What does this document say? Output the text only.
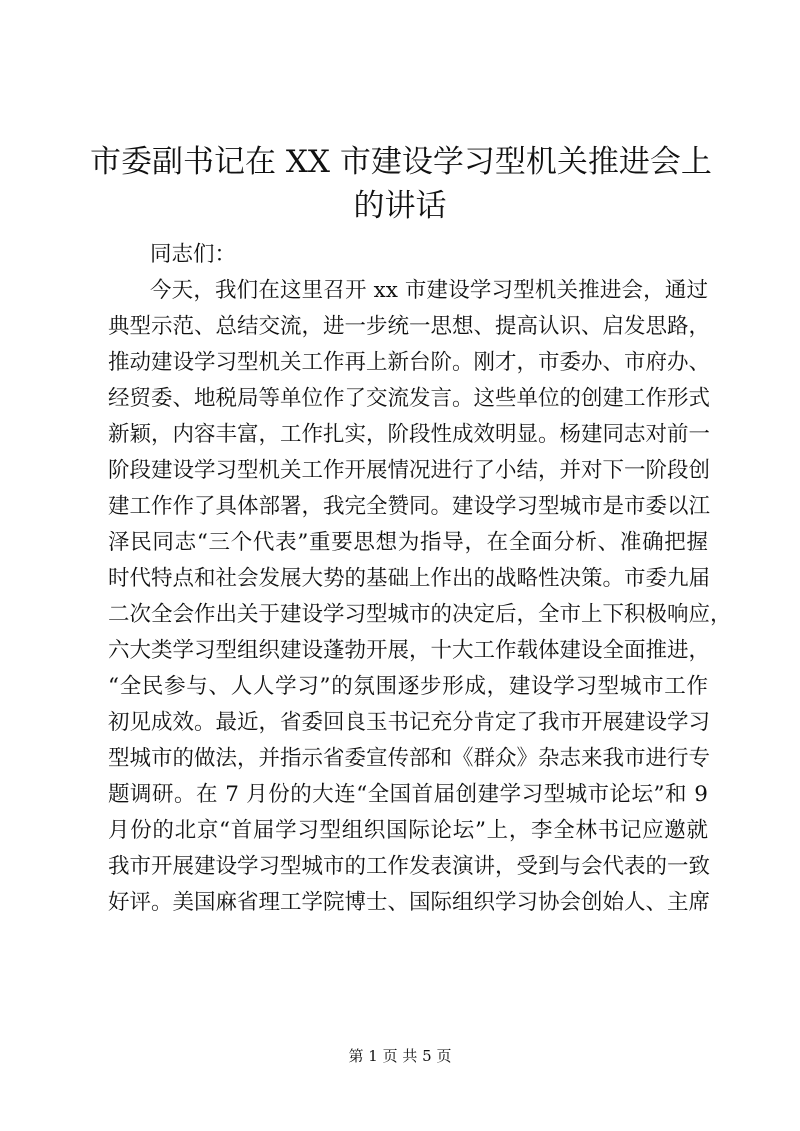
市委副书记在 XX 市建设学习型机关推进会上
的讲话

同志们：

今天，我们在这里召开 xx 市建设学习型机关推进会，通过

典型示范、总结交流，进一步统一思想、提高认识、启发思路，

推动建设学习型机关工作再上新台阶。刚才，市委办、市府办、

经贸委、地税局等单位作了交流发言。这些单位的创建工作形式

新颖，内容丰富，工作扎实，阶段性成效明显。杨建同志对前一

阶段建设学习型机关工作开展情况进行了小结，并对下一阶段创

建工作作了具体部署，我完全赞同。建设学习型城市是市委以江

泽民同志“三个代表”重要思想为指导，在全面分析、准确把握

时代特点和社会发展大势的基础上作出的战略性决策。市委九届

二次全会作出关于建设学习型城市的决定后，全市上下积极响应，

六大类学习型组织建设蓬勃开展，十大工作载体建设全面推进，

“全民参与、人人学习”的氛围逐步形成，建设学习型城市工作

初见成效。最近，省委回良玉书记充分肯定了我市开展建设学习

型城市的做法，并指示省委宣传部和《群众》杂志来我市进行专

题调研。在 7 月份的大连“全国首届创建学习型城市论坛”和 9

月份的北京“首届学习型组织国际论坛”上，李全林书记应邀就

我市开展建设学习型城市的工作发表演讲，受到与会代表的一致

好评。美国麻省理工学院博士、国际组织学习协会创始人、主席

第 1 页 共 5 页
